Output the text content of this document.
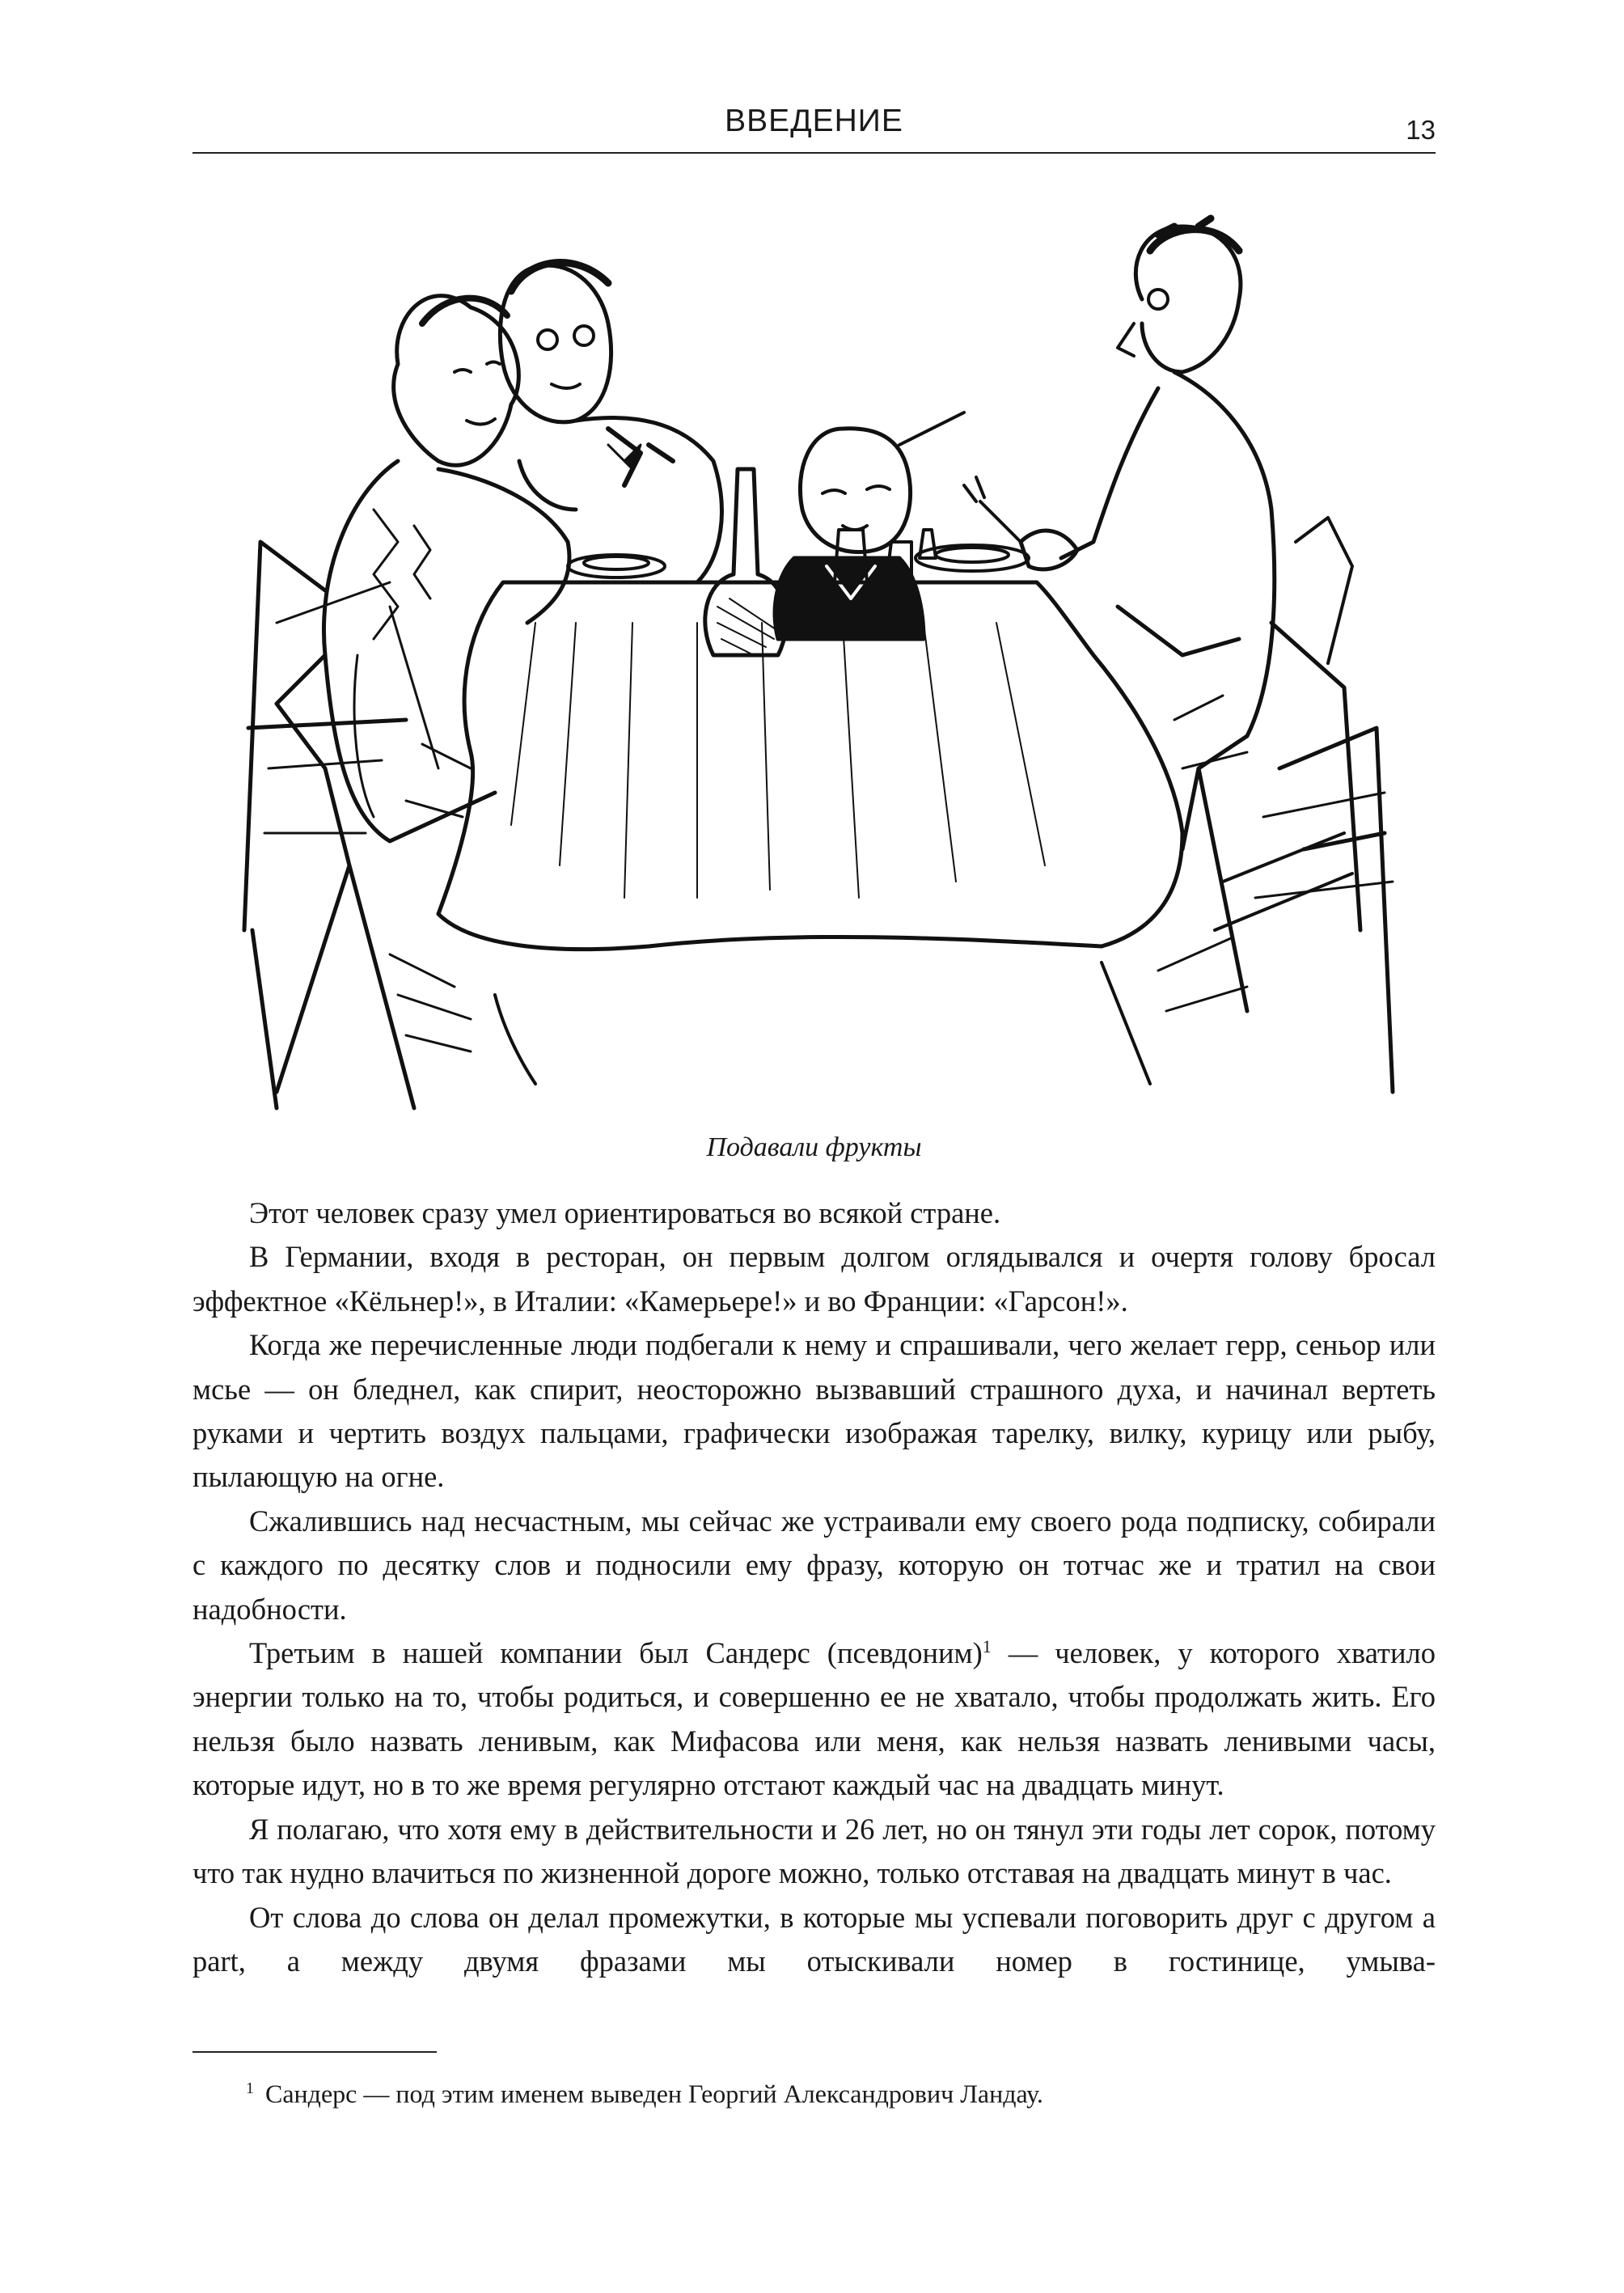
ВВЕДЕНИЕ	13
Подавали фрукты

Этот человек сразу умел ориентироваться во всякой стране.

В Германии, входя в ресторан, он первым долгом оглядывался и очертя голову бросал эффектное «Кёльнер!», в Италии: «Камерьере!» и во Франции: «Гарсон!».

Когда же перечисленные люди подбегали к нему и спрашивали, чего желает герр, сеньор или мсье — он бледнел, как спирит, неосторожно вызвавший страшного духа, и начинал вертеть руками и чертить воздух пальцами, графически изображая тарелку, вилку, курицу или рыбу, пылающую на огне.

Сжалившись над несчастным, мы сейчас же устраивали ему своего рода подписку, собирали с каждого по десятку слов и подносили ему фразу, которую он тотчас же и тратил на свои надобности.

Третьим в нашей компании был Сандерс (псевдоним)$^1$ — человек, у которого хватило энергии только на то, чтобы родиться, и совершенно ее не хватало, чтобы продолжать жить. Его нельзя было назвать ленивым, как Мифасова или меня, как нельзя назвать ленивыми часы, которые идут, но в то же время регулярно отстают каждый час на двадцать минут.

Я полагаю, что хотя ему в действительности и 26 лет, но он тянул эти годы лет сорок, потому что так нудно влачиться по жизненной дороге можно, только отставая на двадцать минут в час.

От слова до слова он делал промежутки, в которые мы успевали поговорить друг с другом a part, а между двумя фразами мы отыскивали номер в гостинице, умыва-

$^1$ Сандерс — под этим именем выведен Георгий Александрович Ландау.
